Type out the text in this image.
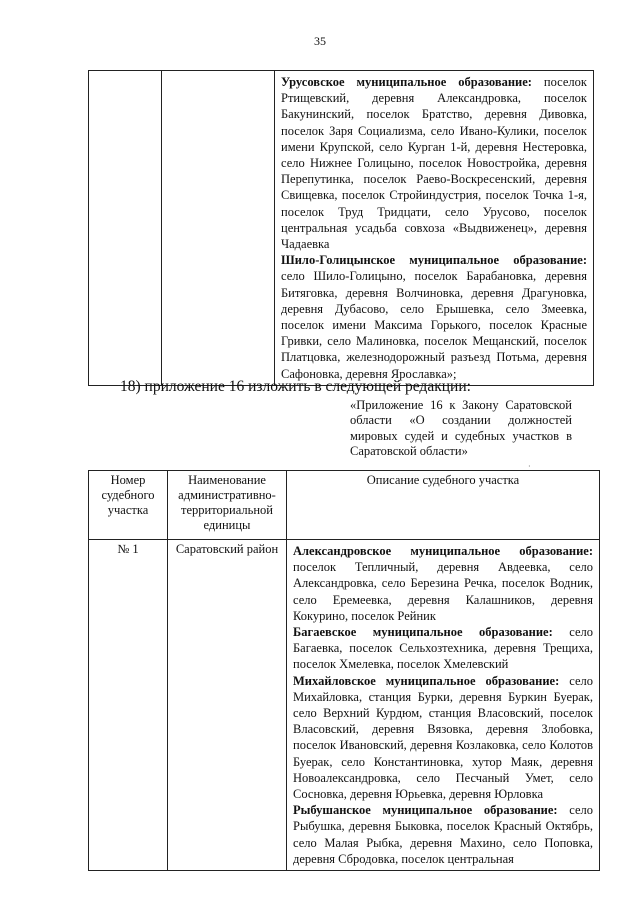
35

Урусовское муниципальное образование: поселок Ртищевский, деревня Александровка, поселок Бакунинский, поселок Братство, деревня Дивовка, поселок Заря Социализма, село Ивано-Кулики, поселок имени Крупской, село Курган 1-й, деревня Нестеровка, село Нижнее Голицыно, поселок Новостройка, деревня Перепутинка, поселок Раево-Воскресенский, деревня Свищевка, поселок Стройиндустрия, поселок Точка 1-я, поселок Труд Тридцати, село Урусово, поселок центральная усадьба совхоза «Выдвиженец», деревня Чадаевка

Шило-Голицынское муниципальное образование: село Шило-Голицыно, поселок Барабановка, деревня Битяговка, деревня Волчиновка, деревня Драгуновка, деревня Дубасово, село Ерышевка, село Змеевка, поселок имени Максима Горького, поселок Красные Гривки, село Малиновка, поселок Мещанский, поселок Платцовка, железнодорожный разъезд Потьма, деревня Сафоновка, деревня Ярославка»;

18) приложение 16 изложить в следующей редакции:
«Приложение 16 к Закону Саратовской области «О создании должностей мировых судей и судебных участков в Саратовской области»
·
Номер судебного участка	Наименование административно-территориальной единицы	Описание судебного участка
№ 1	Саратовский район	Александровское муниципальное образование: поселок Тепличный, деревня Авдеевка, село Александровка, село Березина Речка, поселок Водник, село Еремеевка, деревня Калашников, деревня Кокурино, поселок Рейник

Багаевское муниципальное образование: село Багаевка, поселок Сельхозтехника, деревня Трещиха, поселок Хмелевка, поселок Хмелевский

Михайловское муниципальное образование: село Михайловка, станция Бурки, деревня Буркин Буерак, село Верхний Курдюм, станция Власовский, поселок Власовский, деревня Вязовка, деревня Злобовка, поселок Ивановский, деревня Козлаковка, село Колотов Буерак, село Константиновка, хутор Маяк, деревня Новоалександровка, село Песчаный Умет, село Сосновка, деревня Юрьевка, деревня Юрловка

Рыбушанское муниципальное образование: село Рыбушка, деревня Быковка, поселок Красный Октябрь, село Малая Рыбка, деревня Махино, село Поповка, деревня Сбродовка, поселок центральная
